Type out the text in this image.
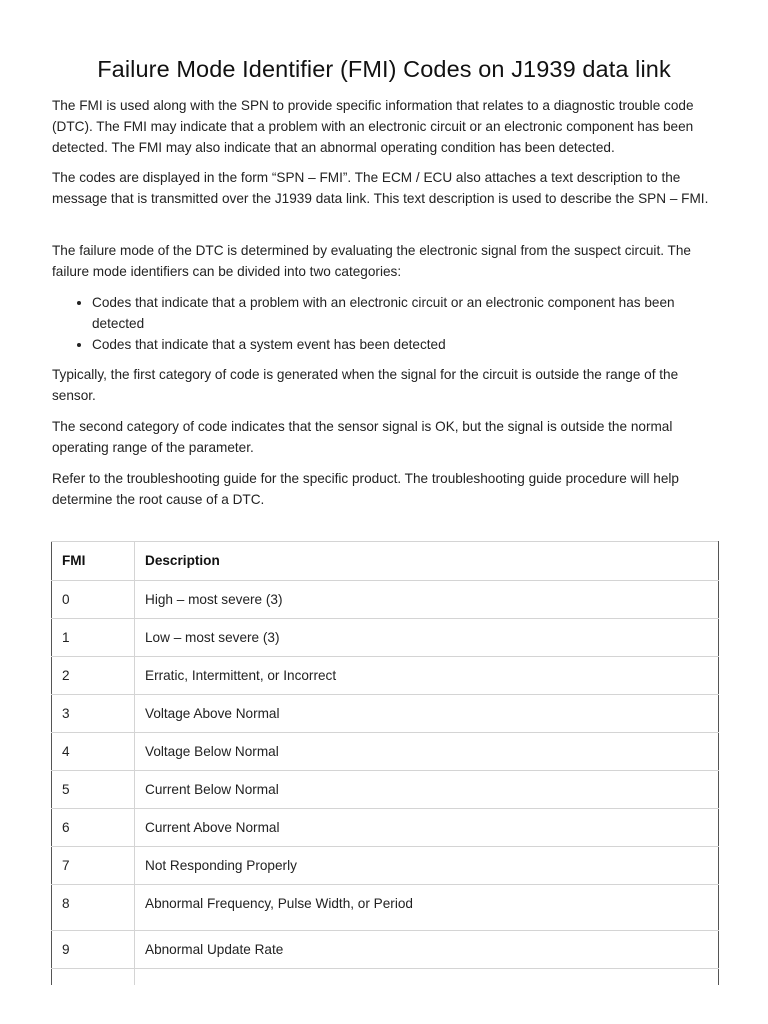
Failure Mode Identifier (FMI) Codes on J1939 data link

The FMI is used along with the SPN to provide specific information that relates to a diagnostic trouble code (DTC). The FMI may indicate that a problem with an electronic circuit or an electronic component has been detected. The FMI may also indicate that an abnormal operating condition has been detected.

The codes are displayed in the form “SPN – FMI”. The ECM / ECU also attaches a text description to the message that is transmitted over the J1939 data link. This text description is used to describe the SPN – FMI.

The failure mode of the DTC is determined by evaluating the electronic signal from the suspect circuit. The failure mode identifiers can be divided into two categories:

Codes that indicate that a problem with an electronic circuit or an electronic component has been detected
Codes that indicate that a system event has been detected

Typically, the first category of code is generated when the signal for the circuit is outside the range of the sensor.

The second category of code indicates that the sensor signal is OK, but the signal is outside the normal operating range of the parameter.

Refer to the troubleshooting guide for the specific product. The troubleshooting guide procedure will help determine the root cause of a DTC.

FMI	Description
0	High – most severe (3)
1	Low – most severe (3)
2	Erratic, Intermittent, or Incorrect
3	Voltage Above Normal
4	Voltage Below Normal
5	Current Below Normal
6	Current Above Normal
7	Not Responding Properly
8	Abnormal Frequency, Pulse Width, or Period
9	Abnormal Update Rate
